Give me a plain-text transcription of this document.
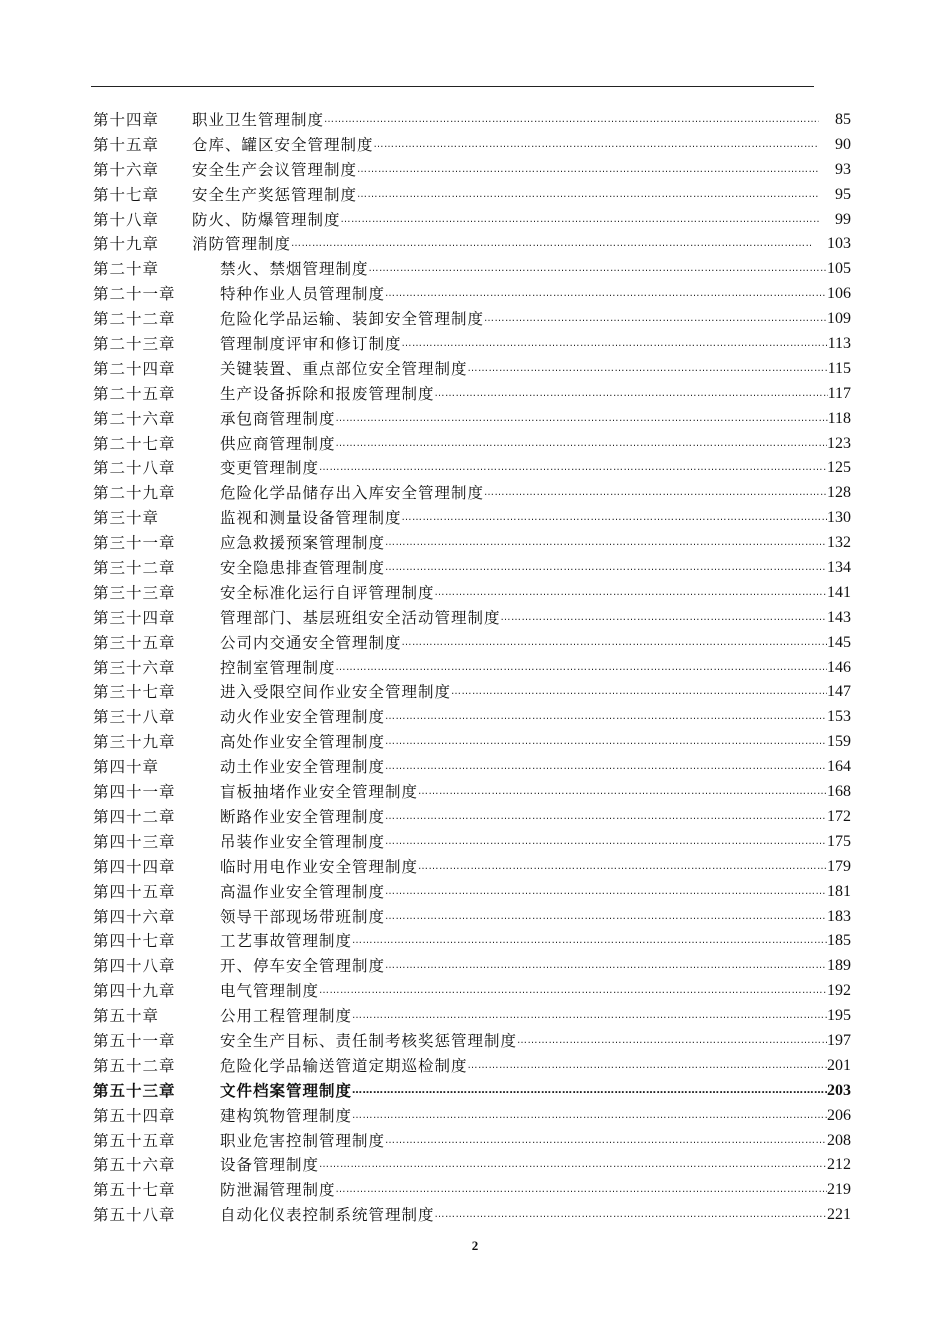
第十四章	职业卫生管理制度 …………………………………………………………………………………………………………………………………………………………………	85
第十五章	仓库、罐区安全管理制度 …………………………………………………………………………………………………………………………………………………………………	90
第十六章	安全生产会议管理制度 …………………………………………………………………………………………………………………………………………………………………	93
第十七章	安全生产奖惩管理制度 …………………………………………………………………………………………………………………………………………………………………	95
第十八章	防火、防爆管理制度 …………………………………………………………………………………………………………………………………………………………………	99
第十九章	消防管理制度 …………………………………………………………………………………………………………………………………………………………………	103
第二十章	禁火、禁烟管理制度 …………………………………………………………………………………………………………………………………………………………………	105
第二十一章	特种作业人员管理制度 …………………………………………………………………………………………………………………………………………………………………	106
第二十二章	危险化学品运输、装卸安全管理制度 …………………………………………………………………………………………………………………………………………………………………	109
第二十三章	管理制度评审和修订制度 …………………………………………………………………………………………………………………………………………………………………	113
第二十四章	关键装置、重点部位安全管理制度 …………………………………………………………………………………………………………………………………………………………………	115
第二十五章	生产设备拆除和报废管理制度 …………………………………………………………………………………………………………………………………………………………………	117
第二十六章	承包商管理制度 …………………………………………………………………………………………………………………………………………………………………	118
第二十七章	供应商管理制度 …………………………………………………………………………………………………………………………………………………………………	123
第二十八章	变更管理制度 …………………………………………………………………………………………………………………………………………………………………	125
第二十九章	危险化学品储存出入库安全管理制度 …………………………………………………………………………………………………………………………………………………………………	128
第三十章	监视和测量设备管理制度 …………………………………………………………………………………………………………………………………………………………………	130
第三十一章	应急救援预案管理制度 …………………………………………………………………………………………………………………………………………………………………	132
第三十二章	安全隐患排查管理制度 …………………………………………………………………………………………………………………………………………………………………	134
第三十三章	安全标准化运行自评管理制度 …………………………………………………………………………………………………………………………………………………………………	141
第三十四章	管理部门、基层班组安全活动管理制度 …………………………………………………………………………………………………………………………………………………………………	143
第三十五章	公司内交通安全管理制度 …………………………………………………………………………………………………………………………………………………………………	145
第三十六章	控制室管理制度 …………………………………………………………………………………………………………………………………………………………………	146
第三十七章	进入受限空间作业安全管理制度 …………………………………………………………………………………………………………………………………………………………………	147
第三十八章	动火作业安全管理制度 …………………………………………………………………………………………………………………………………………………………………	153
第三十九章	高处作业安全管理制度 …………………………………………………………………………………………………………………………………………………………………	159
第四十章	动土作业安全管理制度 …………………………………………………………………………………………………………………………………………………………………	164
第四十一章	盲板抽堵作业安全管理制度 …………………………………………………………………………………………………………………………………………………………………	168
第四十二章	断路作业安全管理制度 …………………………………………………………………………………………………………………………………………………………………	172
第四十三章	吊装作业安全管理制度 …………………………………………………………………………………………………………………………………………………………………	175
第四十四章	临时用电作业安全管理制度 …………………………………………………………………………………………………………………………………………………………………	179
第四十五章	高温作业安全管理制度 …………………………………………………………………………………………………………………………………………………………………	181
第四十六章	领导干部现场带班制度 …………………………………………………………………………………………………………………………………………………………………	183
第四十七章	工艺事故管理制度 …………………………………………………………………………………………………………………………………………………………………	185
第四十八章	开、停车安全管理制度 …………………………………………………………………………………………………………………………………………………………………	189
第四十九章	电气管理制度 …………………………………………………………………………………………………………………………………………………………………	192
第五十章	公用工程管理制度 …………………………………………………………………………………………………………………………………………………………………	195
第五十一章	安全生产目标、责任制考核奖惩管理制度 …………………………………………………………………………………………………………………………………………………………………	197
第五十二章	危险化学品输送管道定期巡检制度 …………………………………………………………………………………………………………………………………………………………………	201
第五十三章	文件档案管理制度 …………………………………………………………………………………………………………………………………………………………………	203
第五十四章	建构筑物管理制度 …………………………………………………………………………………………………………………………………………………………………	206
第五十五章	职业危害控制管理制度 …………………………………………………………………………………………………………………………………………………………………	208
第五十六章	设备管理制度 …………………………………………………………………………………………………………………………………………………………………	212
第五十七章	防泄漏管理制度 …………………………………………………………………………………………………………………………………………………………………	219
第五十八章	自动化仪表控制系统管理制度 …………………………………………………………………………………………………………………………………………………………………	221
2
